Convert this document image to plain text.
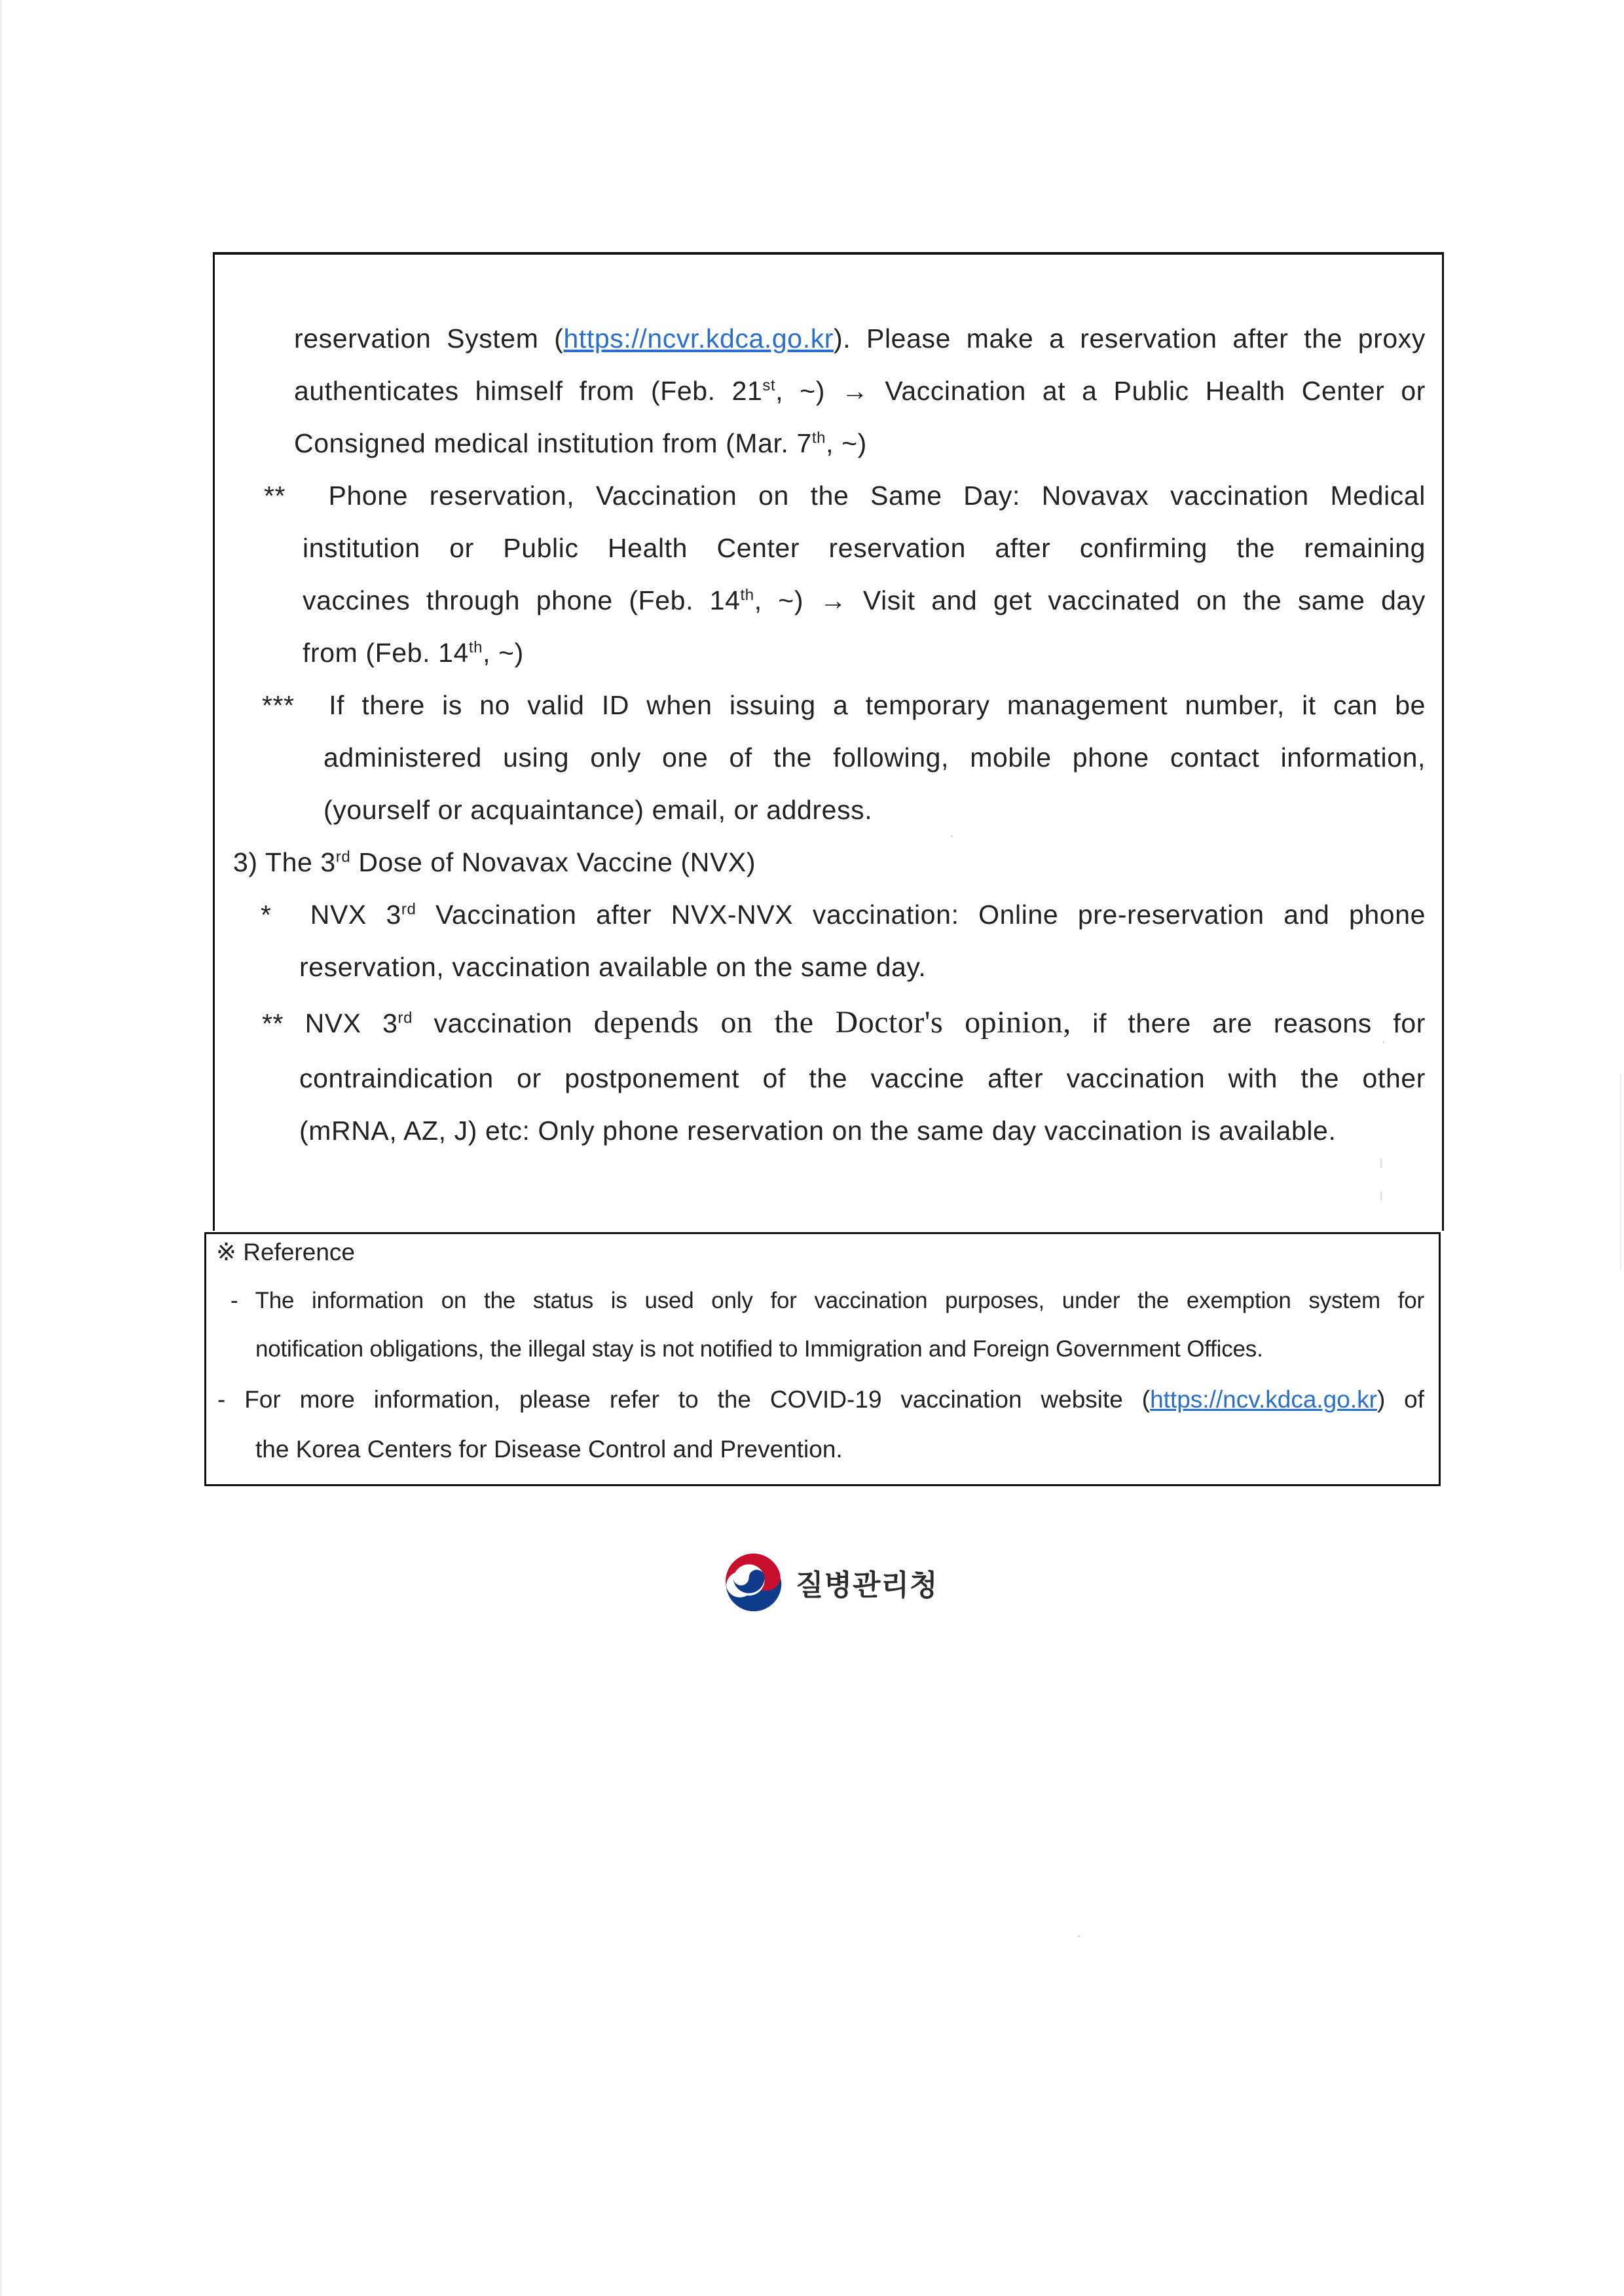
reservation System (https://ncvr.kdca.go.kr). Please make a reservation after the proxy

authenticates himself from (Feb. 21st, ~) → Vaccination at a Public Health Center or

Consigned medical institution from (Mar. 7th, ~)

** Phone reservation, Vaccination on the Same Day: Novavax vaccination Medical

institution or Public Health Center reservation after confirming the remaining

vaccines through phone (Feb. 14th, ~) → Visit and get vaccinated on the same day

from (Feb. 14th, ~)

*** If there is no valid ID when issuing a temporary management number, it can be

administered using only one of the following, mobile phone contact information,

(yourself or acquaintance) email, or address.

3) The 3rd Dose of Novavax Vaccine (NVX)

* NVX 3rd Vaccination after NVX-NVX vaccination: Online pre-reservation and phone

reservation, vaccination available on the same day.

** NVX 3rd vaccination depends on the Doctor's opinion, if there are reasons for

contraindication or postponement of the vaccine after vaccination with the other

(mRNA, AZ, J) etc: Only phone reservation on the same day vaccination is available.

※ Reference

- The information on the status is used only for vaccination purposes, under the exemption system for

notification obligations, the illegal stay is not notified to Immigration and Foreign Government Offices.

- For more information, please refer to the COVID-19 vaccination website (https://ncv.kdca.go.kr) of

the Korea Centers for Disease Control and Prevention.

질병관리청
